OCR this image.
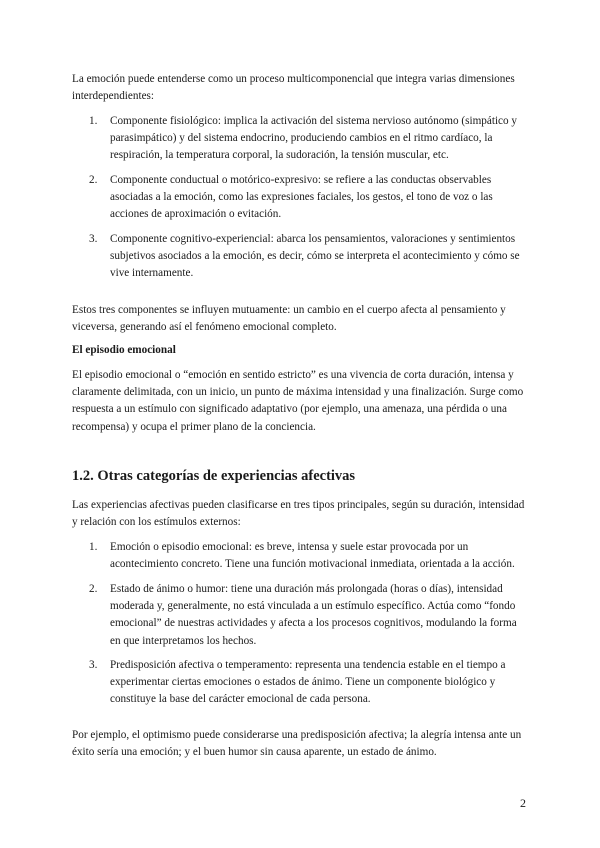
La emoción puede entenderse como un proceso multicomponencial que integra varias dimensiones interdependientes:

1. Componente fisiológico: implica la activación del sistema nervioso autónomo (simpático y parasimpático) y del sistema endocrino, produciendo cambios en el ritmo cardíaco, la respiración, la temperatura corporal, la sudoración, la tensión muscular, etc.

2. Componente conductual o motórico-expresivo: se refiere a las conductas observables asociadas a la emoción, como las expresiones faciales, los gestos, el tono de voz o las acciones de aproximación o evitación.

3. Componente cognitivo-experiencial: abarca los pensamientos, valoraciones y sentimientos subjetivos asociados a la emoción, es decir, cómo se interpreta el acontecimiento y cómo se vive internamente.

Estos tres componentes se influyen mutuamente: un cambio en el cuerpo afecta al pensamiento y viceversa, generando así el fenómeno emocional completo.

El episodio emocional

El episodio emocional o “emoción en sentido estricto” es una vivencia de corta duración, intensa y claramente delimitada, con un inicio, un punto de máxima intensidad y una finalización. Surge como respuesta a un estímulo con significado adaptativo (por ejemplo, una amenaza, una pérdida o una recompensa) y ocupa el primer plano de la conciencia.

1.2. Otras categorías de experiencias afectivas

Las experiencias afectivas pueden clasificarse en tres tipos principales, según su duración, intensidad y relación con los estímulos externos:

1. Emoción o episodio emocional: es breve, intensa y suele estar provocada por un acontecimiento concreto. Tiene una función motivacional inmediata, orientada a la acción.

2. Estado de ánimo o humor: tiene una duración más prolongada (horas o días), intensidad moderada y, generalmente, no está vinculada a un estímulo específico. Actúa como “fondo emocional” de nuestras actividades y afecta a los procesos cognitivos, modulando la forma en que interpretamos los hechos.

3. Predisposición afectiva o temperamento: representa una tendencia estable en el tiempo a experimentar ciertas emociones o estados de ánimo. Tiene un componente biológico y constituye la base del carácter emocional de cada persona.

Por ejemplo, el optimismo puede considerarse una predisposición afectiva; la alegría intensa ante un éxito sería una emoción; y el buen humor sin causa aparente, un estado de ánimo.

2
